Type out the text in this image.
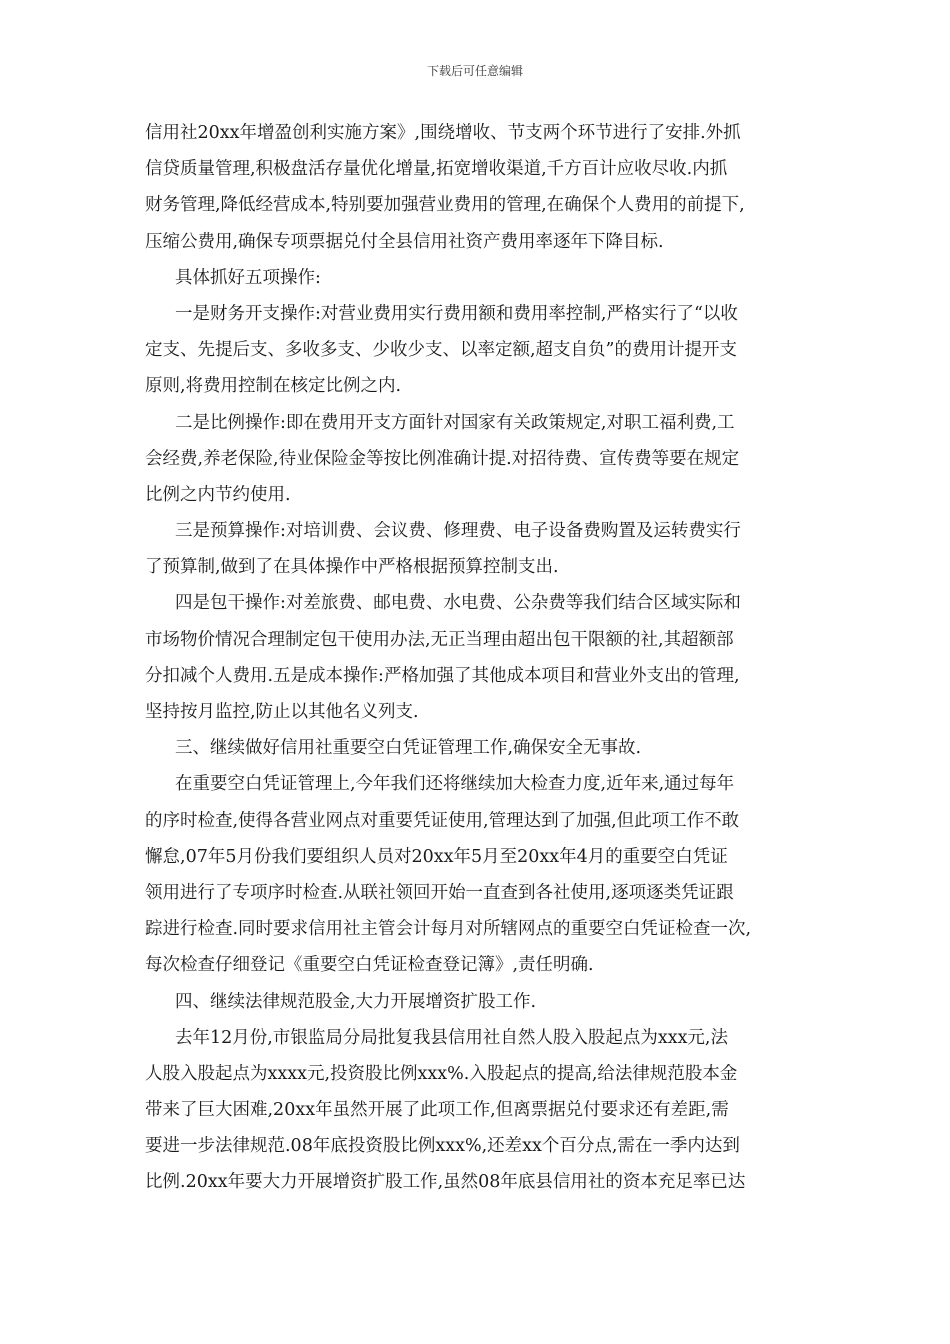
下载后可任意编辑
信用社20xx年增盈创利实施方案》,围绕增收、节支两个环节进行了安排.外抓
信贷质量管理,积极盘活存量优化增量,拓宽增收渠道,千方百计应收尽收.内抓
财务管理,降低经营成本,特别要加强营业费用的管理,在确保个人费用的前提下,
压缩公费用,确保专项票据兑付全县信用社资产费用率逐年下降目标.
具体抓好五项操作:
一是财务开支操作:对营业费用实行费用额和费用率控制,严格实行了“以收
定支、先提后支、多收多支、少收少支、以率定额,超支自负”的费用计提开支
原则,将费用控制在核定比例之内.
二是比例操作:即在费用开支方面针对国家有关政策规定,对职工福利费,工
会经费,养老保险,待业保险金等按比例准确计提.对招待费、宣传费等要在规定
比例之内节约使用.
三是预算操作:对培训费、会议费、修理费、电子设备费购置及运转费实行
了预算制,做到了在具体操作中严格根据预算控制支出.
四是包干操作:对差旅费、邮电费、水电费、公杂费等我们结合区域实际和
市场物价情况合理制定包干使用办法,无正当理由超出包干限额的社,其超额部
分扣减个人费用.五是成本操作:严格加强了其他成本项目和营业外支出的管理,
坚持按月监控,防止以其他名义列支.
三、继续做好信用社重要空白凭证管理工作,确保安全无事故.
在重要空白凭证管理上,今年我们还将继续加大检查力度,近年来,通过每年
的序时检查,使得各营业网点对重要凭证使用,管理达到了加强,但此项工作不敢
懈怠,07年5月份我们要组织人员对20xx年5月至20xx年4月的重要空白凭证
领用进行了专项序时检查.从联社领回开始一直查到各社使用,逐项逐类凭证跟
踪进行检查.同时要求信用社主管会计每月对所辖网点的重要空白凭证检查一次,
每次检查仔细登记《重要空白凭证检查登记簿》,责任明确.
四、继续法律规范股金,大力开展增资扩股工作.
去年12月份,市银监局分局批复我县信用社自然人股入股起点为xxx元,法
人股入股起点为xxxx元,投资股比例xxx%.入股起点的提高,给法律规范股本金
带来了巨大困难,20xx年虽然开展了此项工作,但离票据兑付要求还有差距,需
要进一步法律规范.08年底投资股比例xxx%,还差xx个百分点,需在一季内达到
比例.20xx年要大力开展增资扩股工作,虽然08年底县信用社的资本充足率已达
